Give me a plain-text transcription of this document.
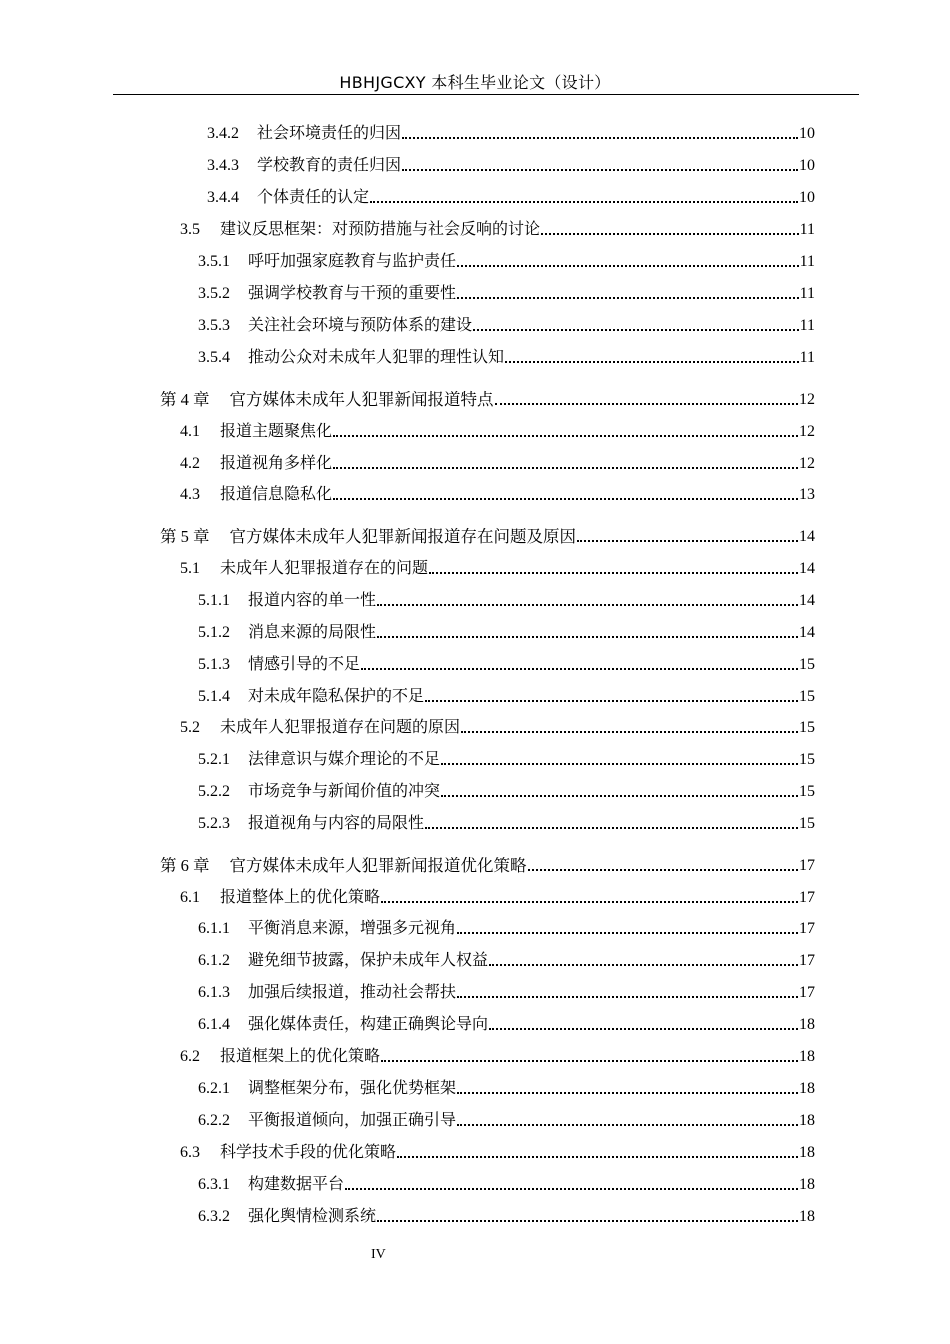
HBHJGCXY 本科生毕业论文（设计）
3.4.2 社会环境责任的归因	10
3.4.3 学校教育的责任归因	10
3.4.4 个体责任的认定	10
3.5 建议反思框架：对预防措施与社会反响的讨论	11
3.5.1 呼吁加强家庭教育与监护责任	11
3.5.2 强调学校教育与干预的重要性	11
3.5.3 关注社会环境与预防体系的建设	11
3.5.4 推动公众对未成年人犯罪的理性认知	11
第 4 章 官方媒体未成年人犯罪新闻报道特点	12
4.1 报道主题聚焦化	12
4.2 报道视角多样化	12
4.3 报道信息隐私化	13
第 5 章 官方媒体未成年人犯罪新闻报道存在问题及原因	14
5.1 未成年人犯罪报道存在的问题	14
5.1.1 报道内容的单一性	14
5.1.2 消息来源的局限性	14
5.1.3 情感引导的不足	15
5.1.4 对未成年隐私保护的不足	15
5.2 未成年人犯罪报道存在问题的原因	15
5.2.1 法律意识与媒介理论的不足	15
5.2.2 市场竞争与新闻价值的冲突	15
5.2.3 报道视角与内容的局限性	15
第 6 章 官方媒体未成年人犯罪新闻报道优化策略	17
6.1 报道整体上的优化策略	17
6.1.1 平衡消息来源，增强多元视角	17
6.1.2 避免细节披露，保护未成年人权益	17
6.1.3 加强后续报道，推动社会帮扶	17
6.1.4 强化媒体责任，构建正确舆论导向	18
6.2 报道框架上的优化策略	18
6.2.1 调整框架分布，强化优势框架	18
6.2.2 平衡报道倾向，加强正确引导	18
6.3 科学技术手段的优化策略	18
6.3.1 构建数据平台	18
6.3.2 强化舆情检测系统	18
IV
